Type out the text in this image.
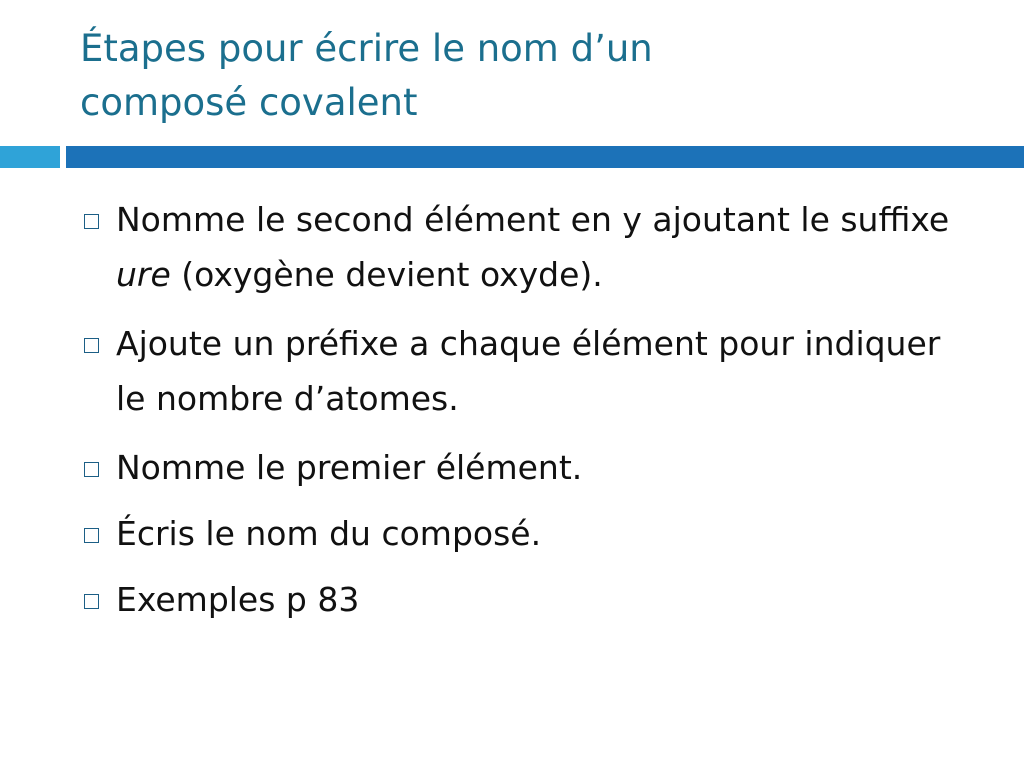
Étapes pour écrire le nom d’un
composé covalent
Nomme le second élément en y ajoutant le suffixe ure (oxygène devient oxyde).
Ajoute un préfixe a chaque élément pour indiquer le nombre d’atomes.
Nomme le premier élément.
Écris le nom du composé.
Exemples p 83
